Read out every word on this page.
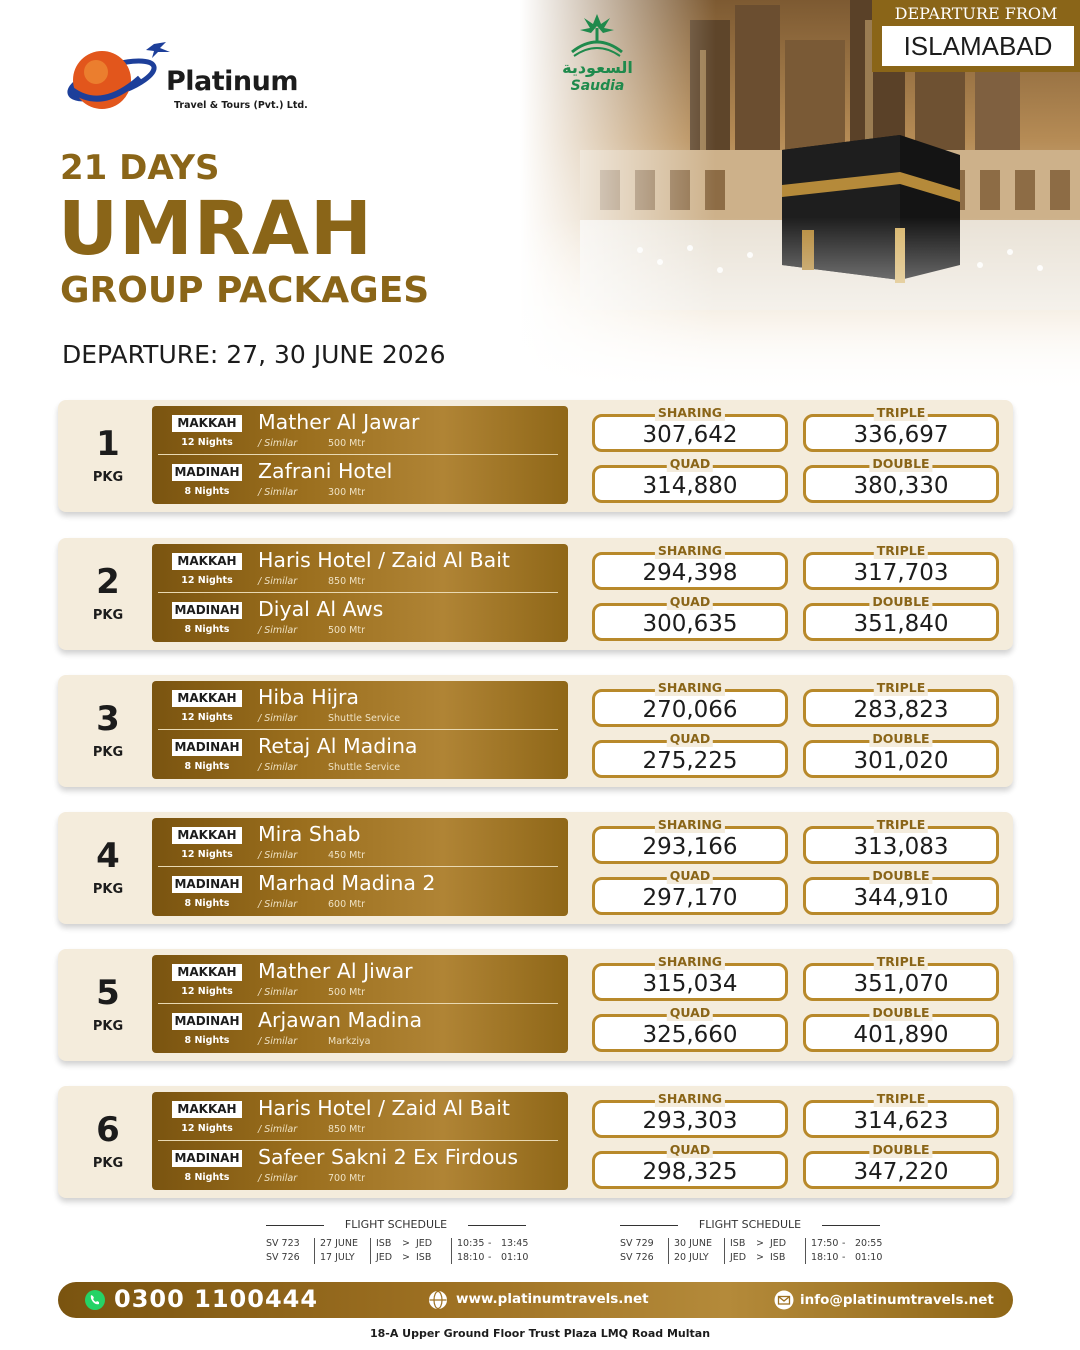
Platinum
Travel & Tours (Pvt.) Ltd.
السعودية
Saudia
DEPARTURE FROM
ISLAMABAD
21 DAYS
UMRAH
GROUP PACKAGES
DEPARTURE: 27, 30 JUNE 2026
1
PKG
MAKKAH
12 Nights
Mather Al Jawar
/ Similar	500 Mtr
MADINAH
8 Nights
Zafrani Hotel
/ Similar	300 Mtr
SHARING
307,642
TRIPLE
336,697
QUAD
314,880
DOUBLE
380,330
2
PKG
MAKKAH
12 Nights
Haris Hotel / Zaid Al Bait
/ Similar	850 Mtr
MADINAH
8 Nights
Diyal Al Aws
/ Similar	500 Mtr
SHARING
294,398
TRIPLE
317,703
QUAD
300,635
DOUBLE
351,840
3
PKG
MAKKAH
12 Nights
Hiba Hijra
/ Similar	Shuttle Service
MADINAH
8 Nights
Retaj Al Madina
/ Similar	Shuttle Service
SHARING
270,066
TRIPLE
283,823
QUAD
275,225
DOUBLE
301,020
4
PKG
MAKKAH
12 Nights
Mira Shab
/ Similar	450 Mtr
MADINAH
8 Nights
Marhad Madina 2
/ Similar	600 Mtr
SHARING
293,166
TRIPLE
313,083
QUAD
297,170
DOUBLE
344,910
5
PKG
MAKKAH
12 Nights
Mather Al Jiwar
/ Similar	500 Mtr
MADINAH
8 Nights
Arjawan Madina
/ Similar	Markziya
SHARING
315,034
TRIPLE
351,070
QUAD
325,660
DOUBLE
401,890
6
PKG
MAKKAH
12 Nights
Haris Hotel / Zaid Al Bait
/ Similar	850 Mtr
MADINAH
8 Nights
Safeer Sakni 2 Ex Firdous
/ Similar	700 Mtr
SHARING
293,303
TRIPLE
314,623
QUAD
298,325
DOUBLE
347,220
FLIGHT SCHEDULE
SV 723 27 JUNE ISB > JED	10:35 - 13:45
SV 726 17 JULY JED > ISB	18:10 - 01:10
FLIGHT SCHEDULE
SV 729 30 JUNE ISB > JED	17:50 - 20:55
SV 726 20 JULY JED > ISB	18:10 - 01:10
0300 1100444	www.platinumtravels.net	info@platinumtravels.net
18-A Upper Ground Floor Trust Plaza LMQ Road Multan
